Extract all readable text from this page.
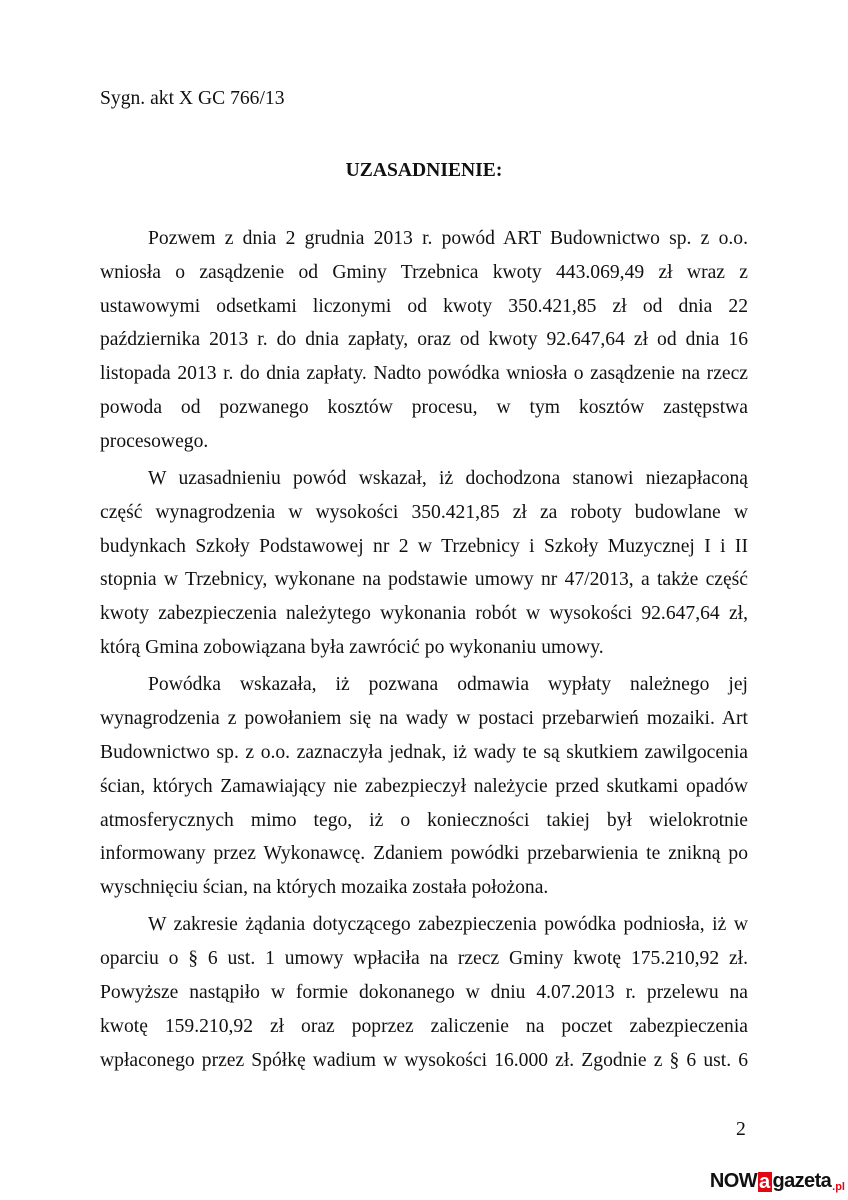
Sygn. akt X GC 766/13
UZASADNIENIE:
Pozwem z dnia 2 grudnia 2013 r. powód ART Budownictwo sp. z o.o.
wniosła o zasądzenie od Gminy Trzebnica kwoty 443.069,49 zł wraz z
ustawowymi odsetkami liczonymi od kwoty 350.421,85 zł od dnia 22
października 2013 r. do dnia zapłaty, oraz od kwoty 92.647,64 zł od dnia 16
listopada 2013 r. do dnia zapłaty. Nadto powódka wniosła o zasądzenie na rzecz
powoda od pozwanego kosztów procesu, w tym kosztów zastępstwa
procesowego.
W uzasadnieniu powód wskazał, iż dochodzona stanowi niezapłaconą
część wynagrodzenia w wysokości 350.421,85 zł za roboty budowlane w
budynkach Szkoły Podstawowej nr 2 w Trzebnicy i Szkoły Muzycznej I i II
stopnia w Trzebnicy, wykonane na podstawie umowy nr 47/2013, a także część
kwoty zabezpieczenia należytego wykonania robót w wysokości 92.647,64 zł,
którą Gmina zobowiązana była zawrócić po wykonaniu umowy.
Powódka wskazała, iż pozwana odmawia wypłaty należnego jej
wynagrodzenia z powołaniem się na wady w postaci przebarwień mozaiki. Art
Budownictwo sp. z o.o. zaznaczyła jednak, iż wady te są skutkiem zawilgocenia
ścian, których Zamawiający nie zabezpieczył należycie przed skutkami opadów
atmosferycznych mimo tego, iż o konieczności takiej był wielokrotnie
informowany przez Wykonawcę. Zdaniem powódki przebarwienia te znikną po
wyschnięciu ścian, na których mozaika została położona.
W zakresie żądania dotyczącego zabezpieczenia powódka podniosła, iż w
oparciu o § 6 ust. 1 umowy wpłaciła na rzecz Gminy kwotę 175.210,92 zł.
Powyższe nastąpiło w formie dokonanego w dniu 4.07.2013 r. przelewu na
kwotę 159.210,92 zł oraz poprzez zaliczenie na poczet zabezpieczenia
wpłaconego przez Spółkę wadium w wysokości 16.000 zł. Zgodnie z § 6 ust. 6
2
NOW a gazeta .pl
